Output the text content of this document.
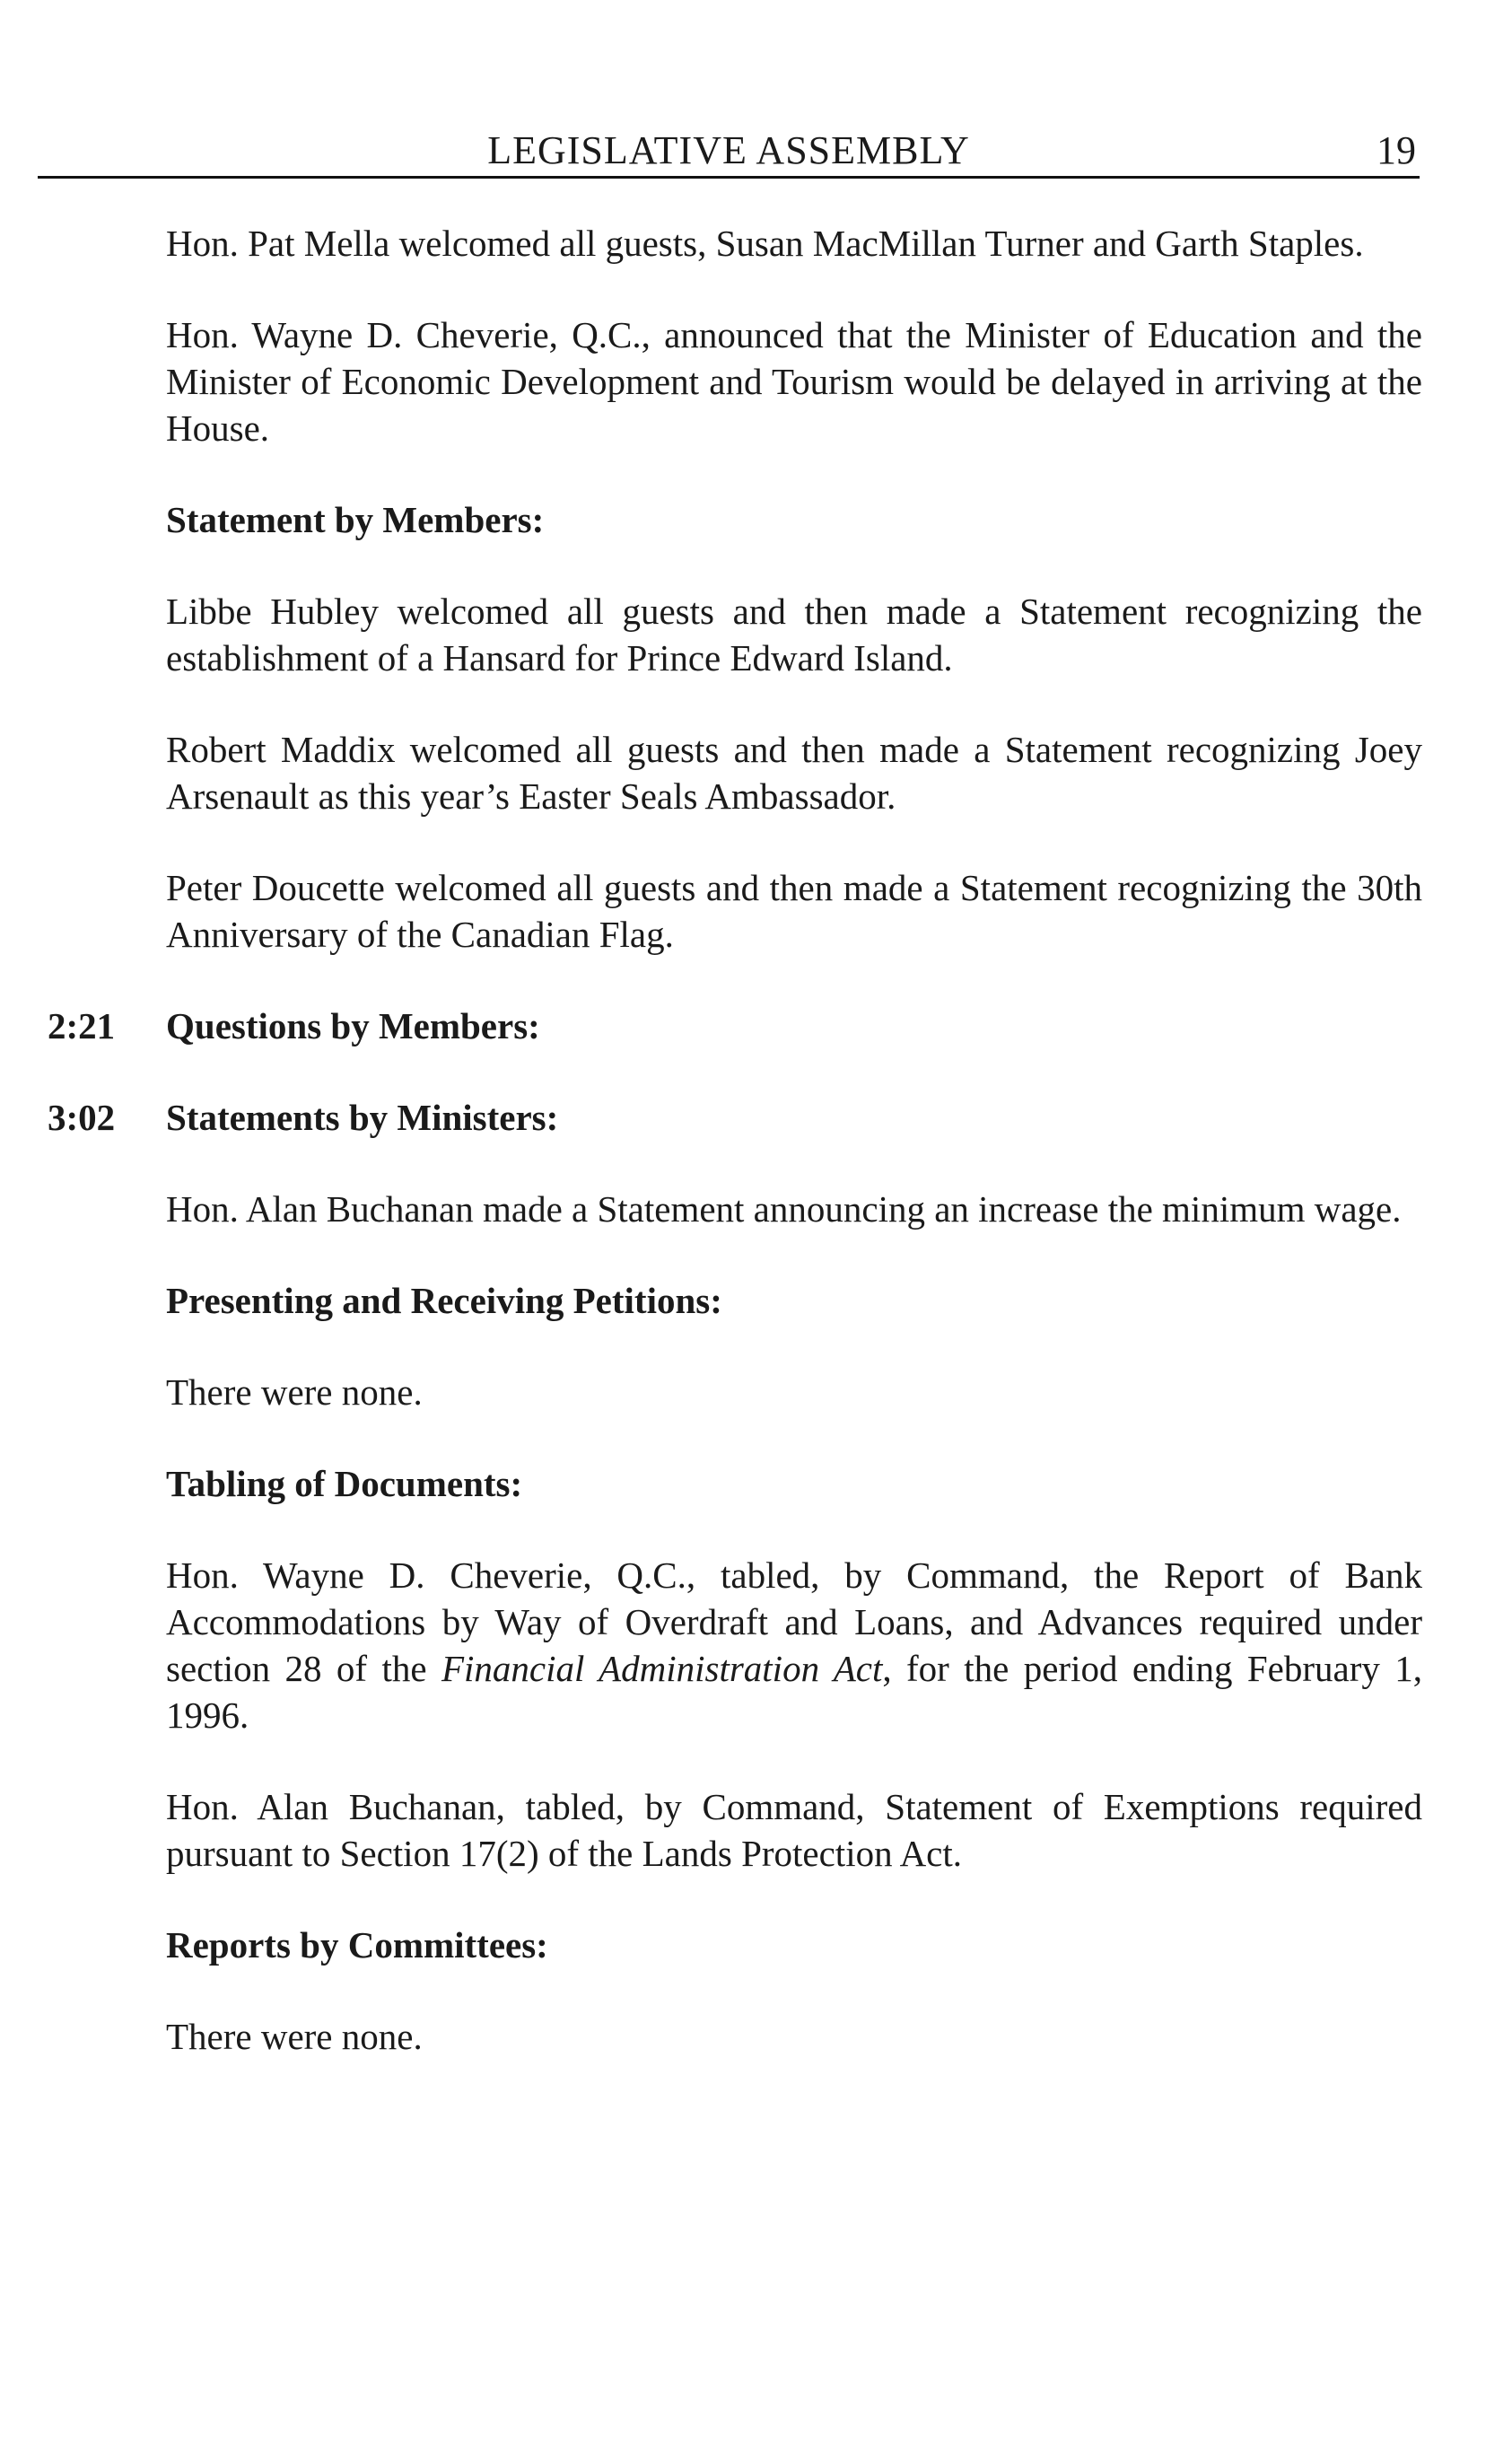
LEGISLATIVE ASSEMBLY	19

Hon. Pat Mella welcomed all guests, Susan MacMillan Turner and Garth Staples.

Hon. Wayne D. Cheverie, Q.C., announced that the Minister of Education and the Minister of Economic Development and Tourism would be delayed in arriving at the House.

Statement by Members:

Libbe Hubley welcomed all guests and then made a Statement recognizing the establishment of a Hansard for Prince Edward Island.

Robert Maddix welcomed all guests and then made a Statement recognizing Joey Arsenault as this year’s Easter Seals Ambassador.

Peter Doucette welcomed all guests and then made a Statement recognizing the 30th Anniversary of the Canadian Flag.

2:21 Questions by Members:
3:02 Statements by Ministers:

Hon. Alan Buchanan made a Statement announcing an increase the minimum wage.

Presenting and Receiving Petitions:

There were none.

Tabling of Documents:

Hon. Wayne D. Cheverie, Q.C., tabled, by Command, the Report of Bank Accommodations by Way of Overdraft and Loans, and Advances required under section 28 of the Financial Administration Act, for the period ending February 1, 1996.

Hon. Alan Buchanan, tabled, by Command, Statement of Exemptions required pursuant to Section 17(2) of the Lands Protection Act.

Reports by Committees:

There were none.
